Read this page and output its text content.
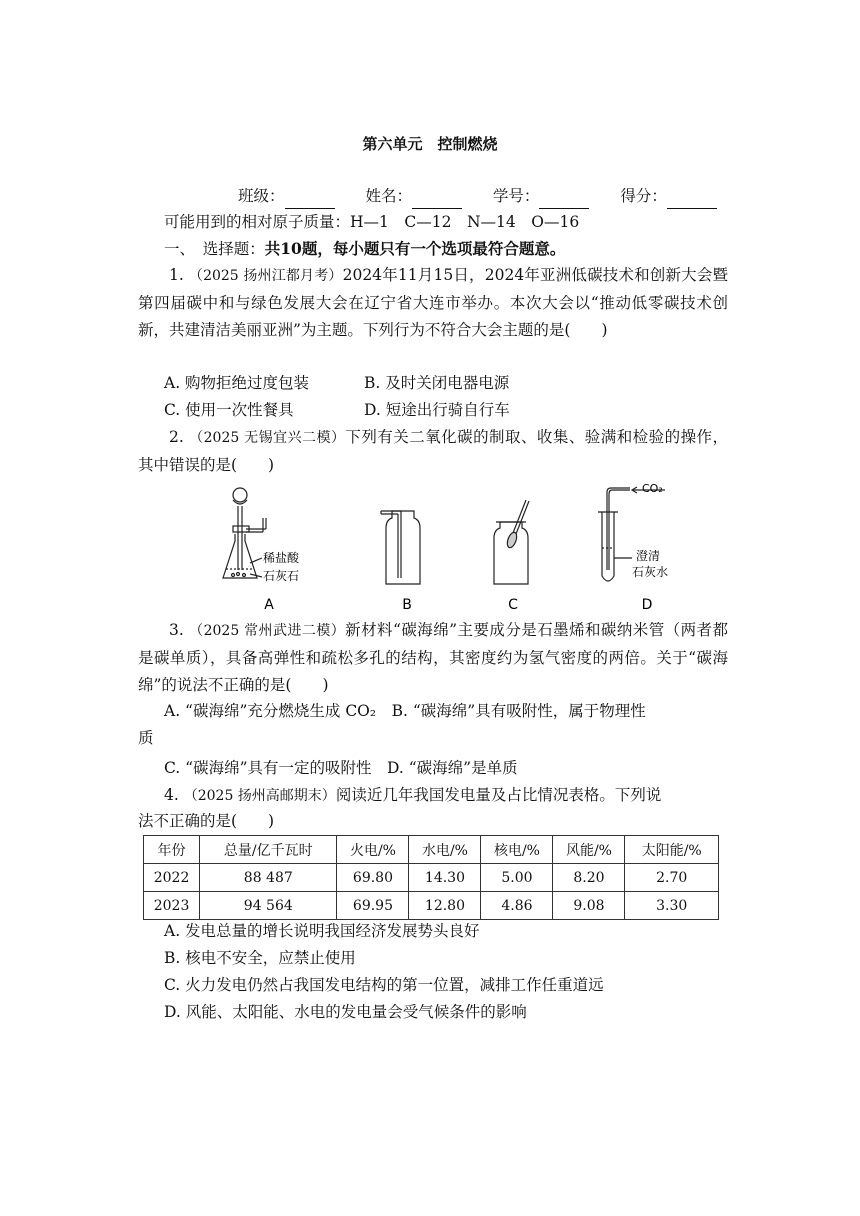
第六单元　控制燃烧
班级：	姓名：	学号：	得分：
可能用到的相对原子质量：H—1　C—12　N—14　O—16
一、　选择题：共10题，每小题只有一个选项最符合题意。
1. （2025 扬州江都月考）2024年11月15日，2024年亚洲低碳技术和创新大会暨第四届碳中和与绿色发展大会在辽宁省大连市举办。本次大会以“推动低零碳技术创新，共建清洁美丽亚洲”为主题。下列行为不符合大会主题的是(　　)
A. 购物拒绝过度包装	B. 及时关闭电器电源
C. 使用一次性餐具	D. 短途出行骑自行车
2. （2025 无锡宜兴二模）下列有关二氧化碳的制取、收集、验满和检验的操作，其中错误的是(　　)
稀盐酸
石灰石
CO₂
澄清
石灰水
A	B	C	D
3. （2025 常州武进二模）新材料“碳海绵”主要成分是石墨烯和碳纳米管（两者都是碳单质），具备高弹性和疏松多孔的结构，其密度约为氢气密度的两倍。关于“碳海绵”的说法不正确的是(　　)
A. “碳海绵”充分燃烧生成 CO₂　B. “碳海绵”具有吸附性，属于物理性
质
C. “碳海绵”具有一定的吸附性　D. “碳海绵”是单质
4. （2025 扬州高邮期末）阅读近几年我国发电量及占比情况表格。下列说
法不正确的是(　　)
年份	总量/亿千瓦时	火电/%	水电/%	核电/%	风能/%	太阳能/%
2022	88 487	69.80	14.30	5.00	8.20	2.70
2023	94 564	69.95	12.80	4.86	9.08	3.30
A. 发电总量的增长说明我国经济发展势头良好
B. 核电不安全，应禁止使用
C. 火力发电仍然占我国发电结构的第一位置，减排工作任重道远
D. 风能、太阳能、水电的发电量会受气候条件的影响
